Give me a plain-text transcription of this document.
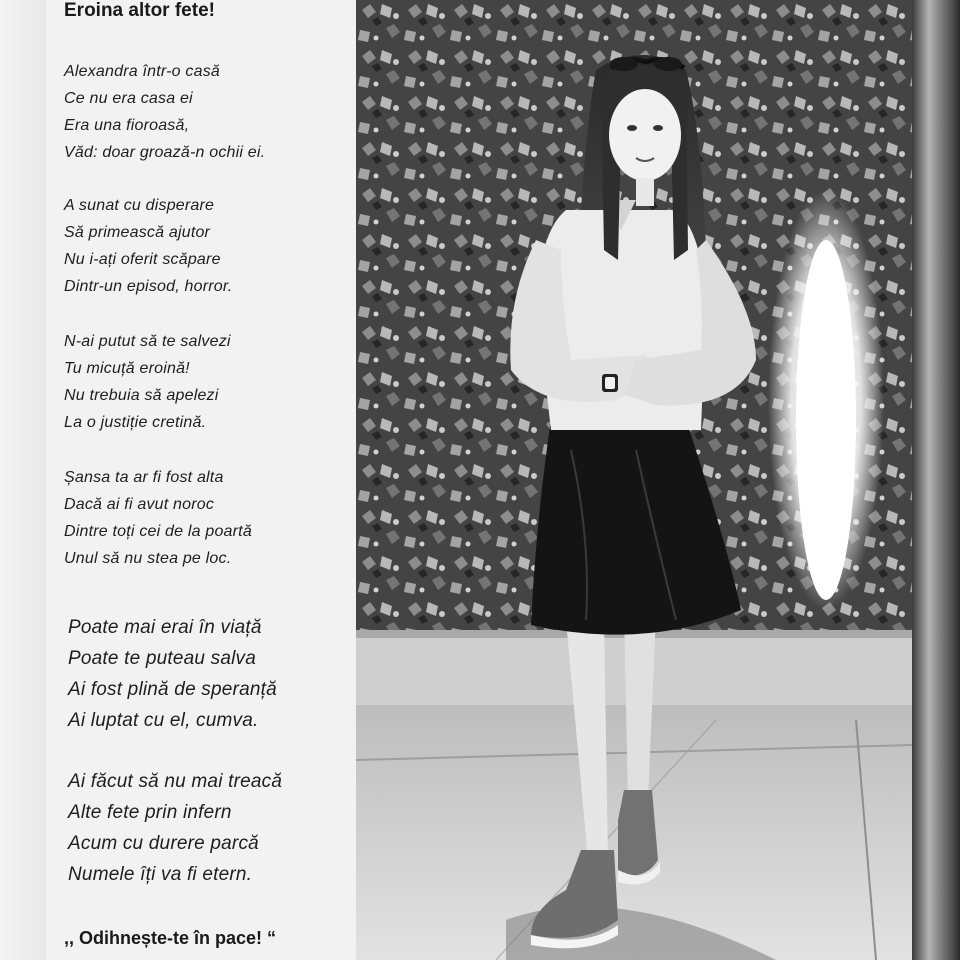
Eroina altor fete!

Alexandra într-o casă
Ce nu era casa ei
Era una fioroasă,
Văd: doar groază-n ochii ei.

A sunat cu disperare
Să primească ajutor
Nu i-ați oferit scăpare
Dintr-un episod, horror.

N-ai putut să te salvezi
Tu micuță eroină!
Nu trebuia să apelezi
La o justiție cretină.

Șansa ta ar fi fost alta
Dacă ai fi avut noroc
Dintre toți cei de la poartă
Unul să nu stea pe loc.

Poate mai erai în viață
Poate te puteau salva
Ai fost plină de speranță
Ai luptat cu el, cumva.

Ai făcut să nu mai treacă
Alte fete prin infern
Acum cu durere parcă
Numele îți va fi etern.

,, Odihnește-te în pace! “
